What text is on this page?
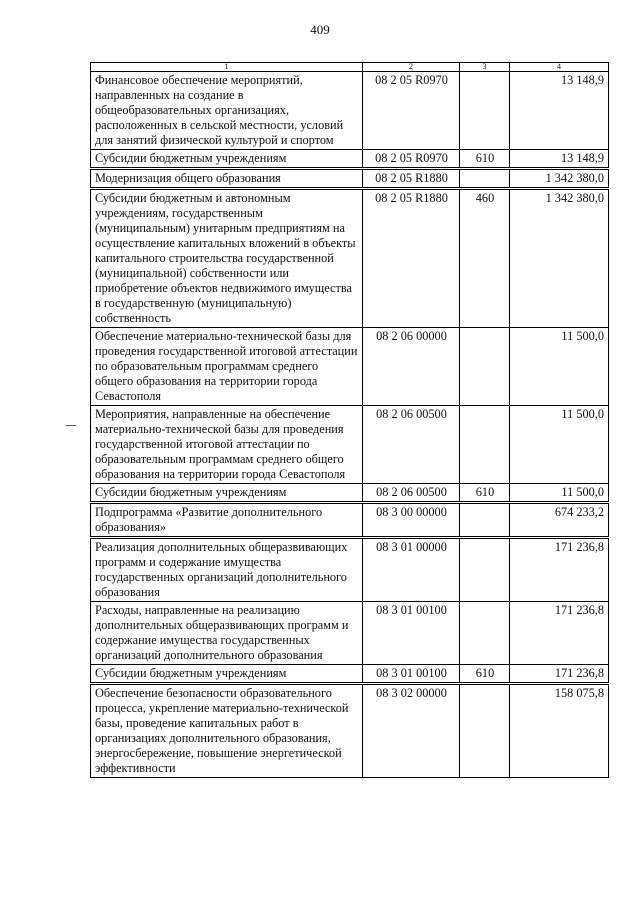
409
1	2	3	4
Финансовое обеспечение мероприятий, направленных на создание в общеобразовательных организациях, расположенных в сельской местности, условий для занятий физической культурой и спортом	08 2 05 R0970		13 148,9
Субсидии бюджетным учреждениям	08 2 05 R0970	610	13 148,9
Модернизация общего образования	08 2 05 R1880		1 342 380,0
Субсидии бюджетным и автономным учреждениям, государственным (муниципальным) унитарным предприятиям на осуществление капитальных вложений в объекты капитального строительства государственной (муниципальной) собственности или приобретение объектов недвижимого имущества в государственную (муниципальную) собственность	08 2 05 R1880	460	1 342 380,0
Обеспечение материально-технической базы для проведения государственной итоговой аттестации по образовательным программам среднего общего образования на территории города Севастополя	08 2 06 00000		11 500,0
Мероприятия, направленные на обеспечение материально-технической базы для проведения государственной итоговой аттестации по образовательным программам среднего общего образования на территории города Севастополя	08 2 06 00500		11 500,0
Субсидии бюджетным учреждениям	08 2 06 00500	610	11 500,0
Подпрограмма «Развитие дополнительного образования»	08 3 00 00000		674 233,2
Реализация дополнительных общеразвивающих программ и содержание имущества государственных организаций дополнительного образования	08 3 01 00000		171 236,8
Расходы, направленные на реализацию дополнительных общеразвивающих программ и содержание имущества государственных организаций дополнительного образования	08 3 01 00100		171 236,8
Субсидии бюджетным учреждениям	08 3 01 00100	610	171 236,8
Обеспечение безопасности образовательного процесса, укрепление материально-технической базы, проведение капитальных работ в организациях дополнительного образования, энергосбережение, повышение энергетической эффективности	08 3 02 00000		158 075,8
